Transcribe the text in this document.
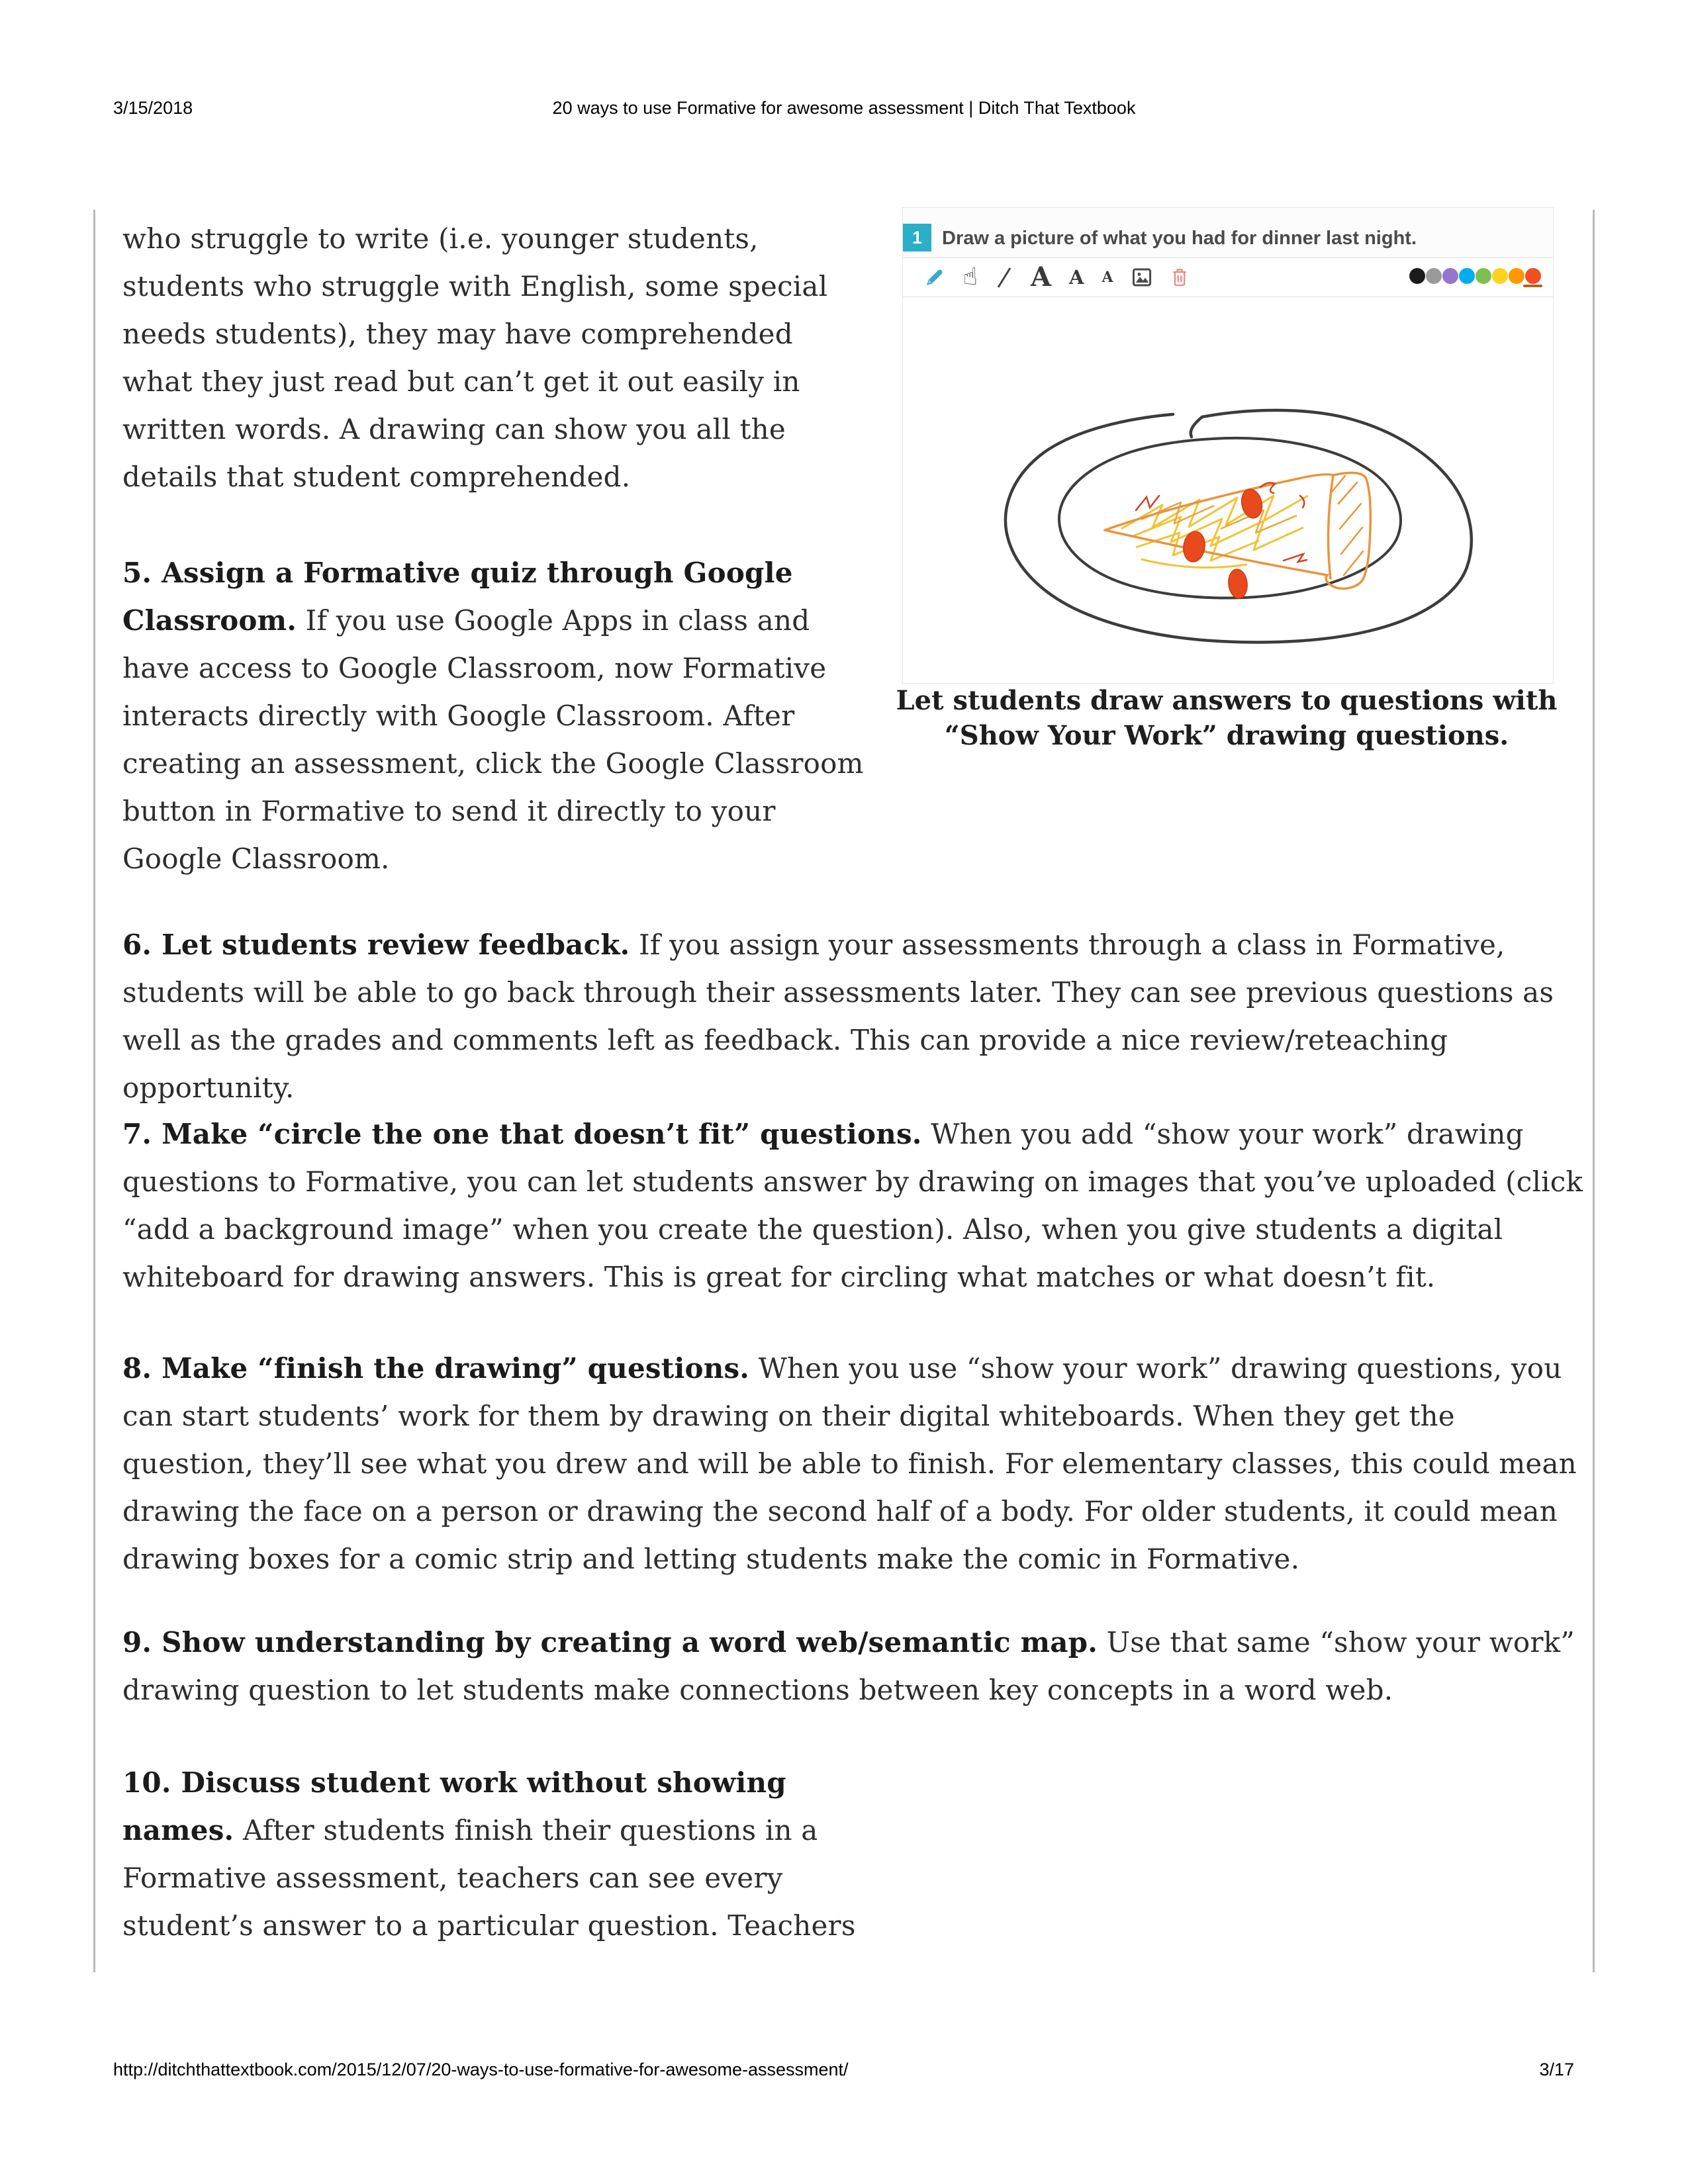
3/15/2018	20 ways to use Formative for awesome assessment | Ditch That Textbook

who struggle to write (i.e. younger students, students who struggle with English, some special needs students), they may have comprehended what they just read but can’t get it out easily in written words. A drawing can show you all the details that student comprehended.

5. Assign a Formative quiz through Google Classroom. If you use Google Apps in class and have access to Google Classroom, now Formative interacts directly with Google Classroom. After creating an assessment, click the Google Classroom button in Formative to send it directly to your Google Classroom.

1	Draw a picture of what you had for dinner last night.
☝ A A A
Let students draw answers to questions with “Show Your Work” drawing questions.

6. Let students review feedback. If you assign your assessments through a class in Formative, students will be able to go back through their assessments later. They can see previous questions as well as the grades and comments left as feedback. This can provide a nice review/reteaching opportunity.

7. Make “circle the one that doesn’t fit” questions. When you add “show your work” drawing questions to Formative, you can let students answer by drawing on images that you’ve uploaded (click “add a background image” when you create the question). Also, when you give students a digital whiteboard for drawing answers. This is great for circling what matches or what doesn’t fit.

8. Make “finish the drawing” questions. When you use “show your work” drawing questions, you can start students’ work for them by drawing on their digital whiteboards. When they get the question, they’ll see what you drew and will be able to finish. For elementary classes, this could mean drawing the face on a person or drawing the second half of a body. For older students, it could mean drawing boxes for a comic strip and letting students make the comic in Formative.

9. Show understanding by creating a word web/semantic map. Use that same “show your work” drawing question to let students make connections between key concepts in a word web.

10. Discuss student work without showing names. After students finish their questions in a Formative assessment, teachers can see every student’s answer to a particular question. Teachers

http://ditchthattextbook.com/2015/12/07/20-ways-to-use-formative-for-awesome-assessment/	3/17
